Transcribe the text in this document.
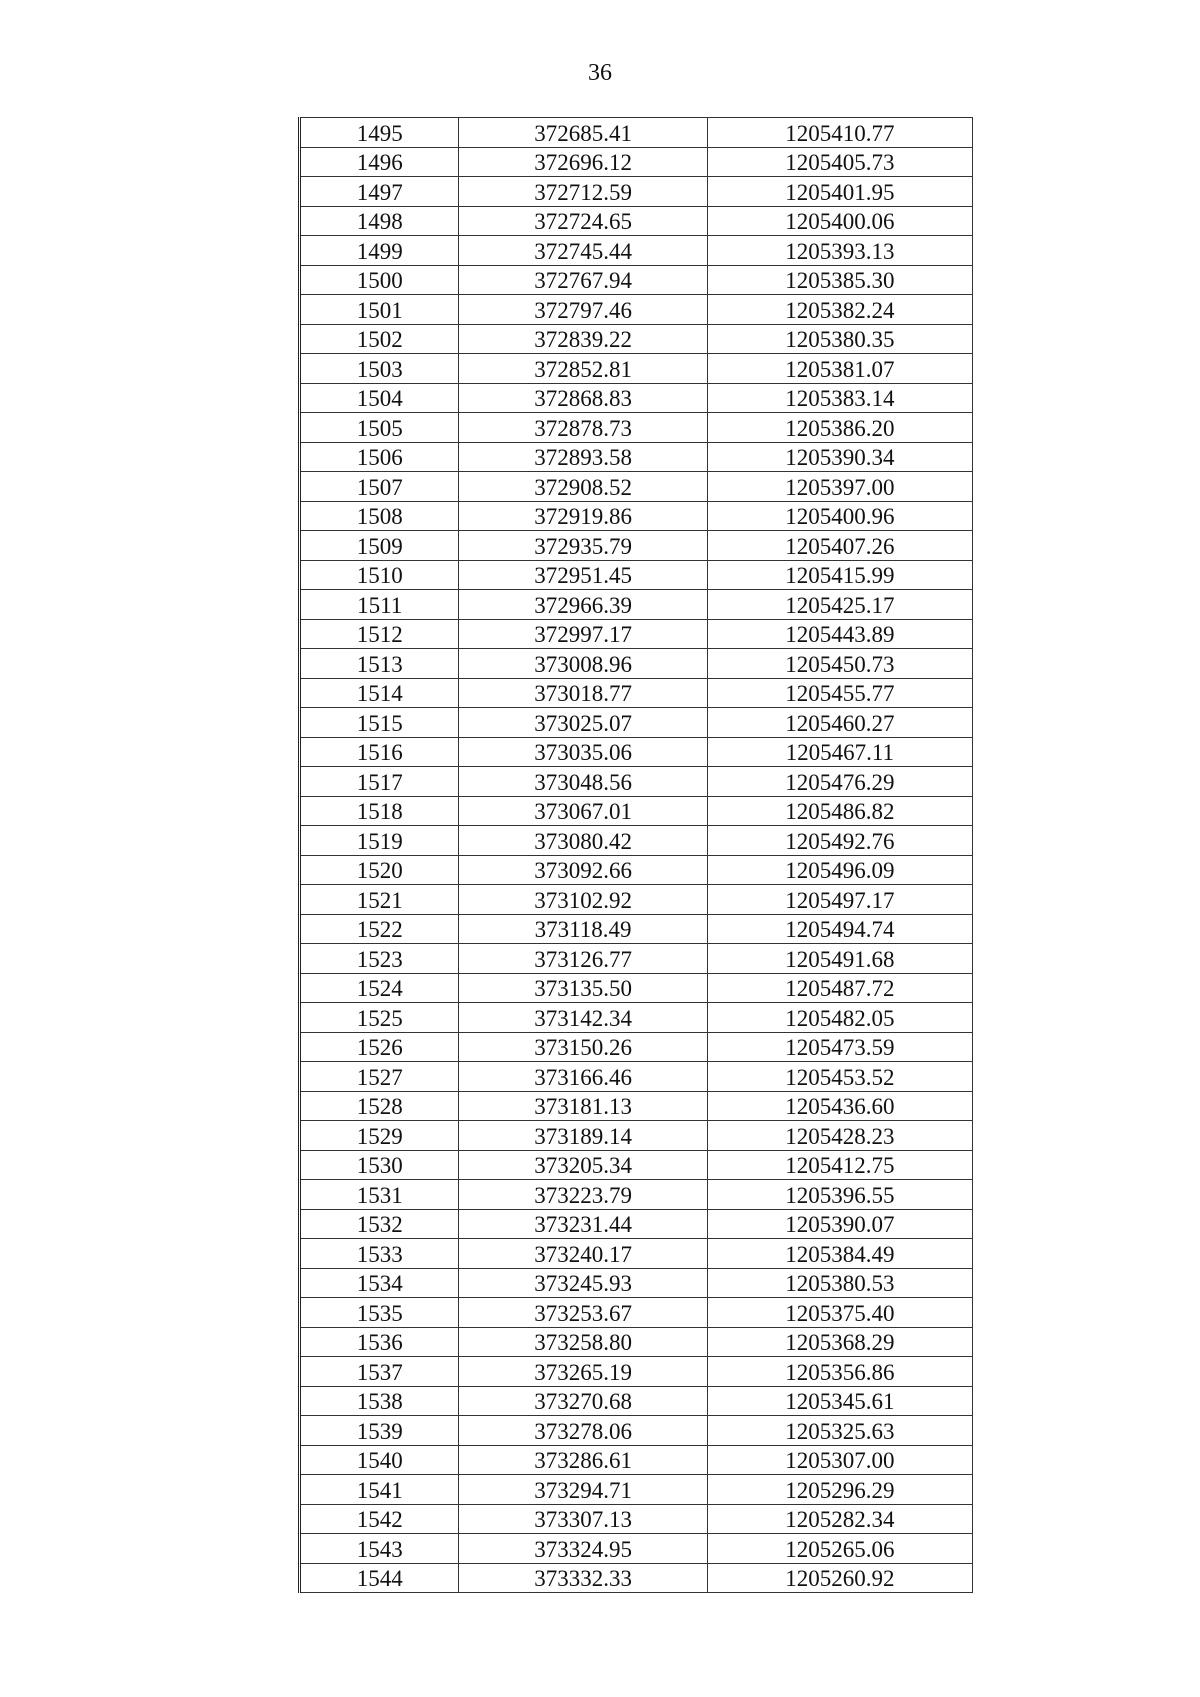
36
1495	372685.41	1205410.77
1496	372696.12	1205405.73
1497	372712.59	1205401.95
1498	372724.65	1205400.06
1499	372745.44	1205393.13
1500	372767.94	1205385.30
1501	372797.46	1205382.24
1502	372839.22	1205380.35
1503	372852.81	1205381.07
1504	372868.83	1205383.14
1505	372878.73	1205386.20
1506	372893.58	1205390.34
1507	372908.52	1205397.00
1508	372919.86	1205400.96
1509	372935.79	1205407.26
1510	372951.45	1205415.99
1511	372966.39	1205425.17
1512	372997.17	1205443.89
1513	373008.96	1205450.73
1514	373018.77	1205455.77
1515	373025.07	1205460.27
1516	373035.06	1205467.11
1517	373048.56	1205476.29
1518	373067.01	1205486.82
1519	373080.42	1205492.76
1520	373092.66	1205496.09
1521	373102.92	1205497.17
1522	373118.49	1205494.74
1523	373126.77	1205491.68
1524	373135.50	1205487.72
1525	373142.34	1205482.05
1526	373150.26	1205473.59
1527	373166.46	1205453.52
1528	373181.13	1205436.60
1529	373189.14	1205428.23
1530	373205.34	1205412.75
1531	373223.79	1205396.55
1532	373231.44	1205390.07
1533	373240.17	1205384.49
1534	373245.93	1205380.53
1535	373253.67	1205375.40
1536	373258.80	1205368.29
1537	373265.19	1205356.86
1538	373270.68	1205345.61
1539	373278.06	1205325.63
1540	373286.61	1205307.00
1541	373294.71	1205296.29
1542	373307.13	1205282.34
1543	373324.95	1205265.06
1544	373332.33	1205260.92
